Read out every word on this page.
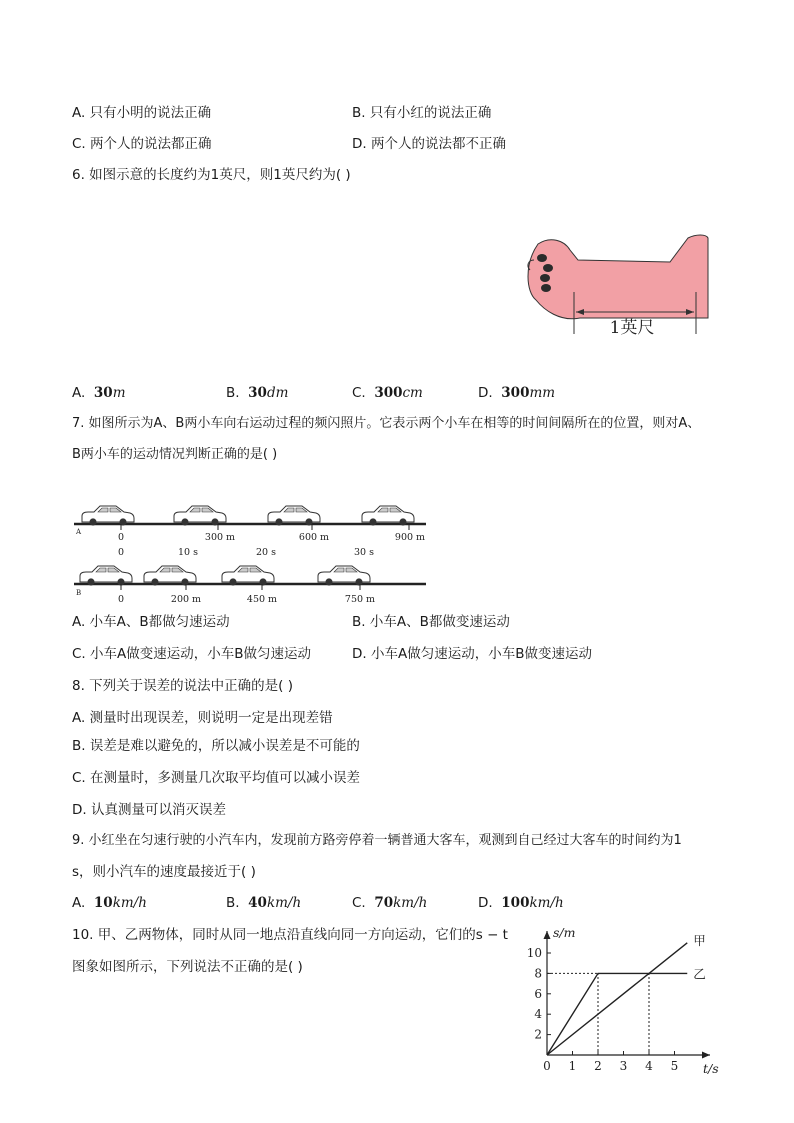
A. 只有小明的说法正确	B. 只有小红的说法正确
C. 两个人的说法都正确	D. 两个人的说法都不正确
6. 如图示意的长度约为1英尺，则1英尺约为( )
1英尺
A. 30m	B. 30dm	C. 300cm	D. 300mm
7. 如图所示为A、B两小车向右运动过程的频闪照片。它表示两个小车在相等的时间间隔所在的位置，则对A、
B两小车的运动情况判断正确的是( )
A	0	300 m	600 m	900 m
0	10 s	20 s	30 s
B
0	200 m	450 m	750 m
A. 小车A、B都做匀速运动	B. 小车A、B都做变速运动
C. 小车A做变速运动，小车B做匀速运动	D. 小车A做匀速运动，小车B做变速运动
8. 下列关于误差的说法中正确的是( )
A. 测量时出现误差，则说明一定是出现差错
B. 误差是难以避免的，所以减小误差是不可能的
C. 在测量时，多测量几次取平均值可以减小误差
D. 认真测量可以消灭误差
9. 小红坐在匀速行驶的小汽车内，发现前方路旁停着一辆普通大客车，观测到自己经过大客车的时间约为1
s，则小汽车的速度最接近于( )
A. 10km/h	B. 40km/h	C. 70km/h	D. 100km/h
10. 甲、乙两物体，同时从同一地点沿直线向同一方向运动，它们的s − t
图象如图所示，下列说法不正确的是( )
0 1 2 3 4 5
2
4
6
8
10
甲
乙
s/m
t/s
